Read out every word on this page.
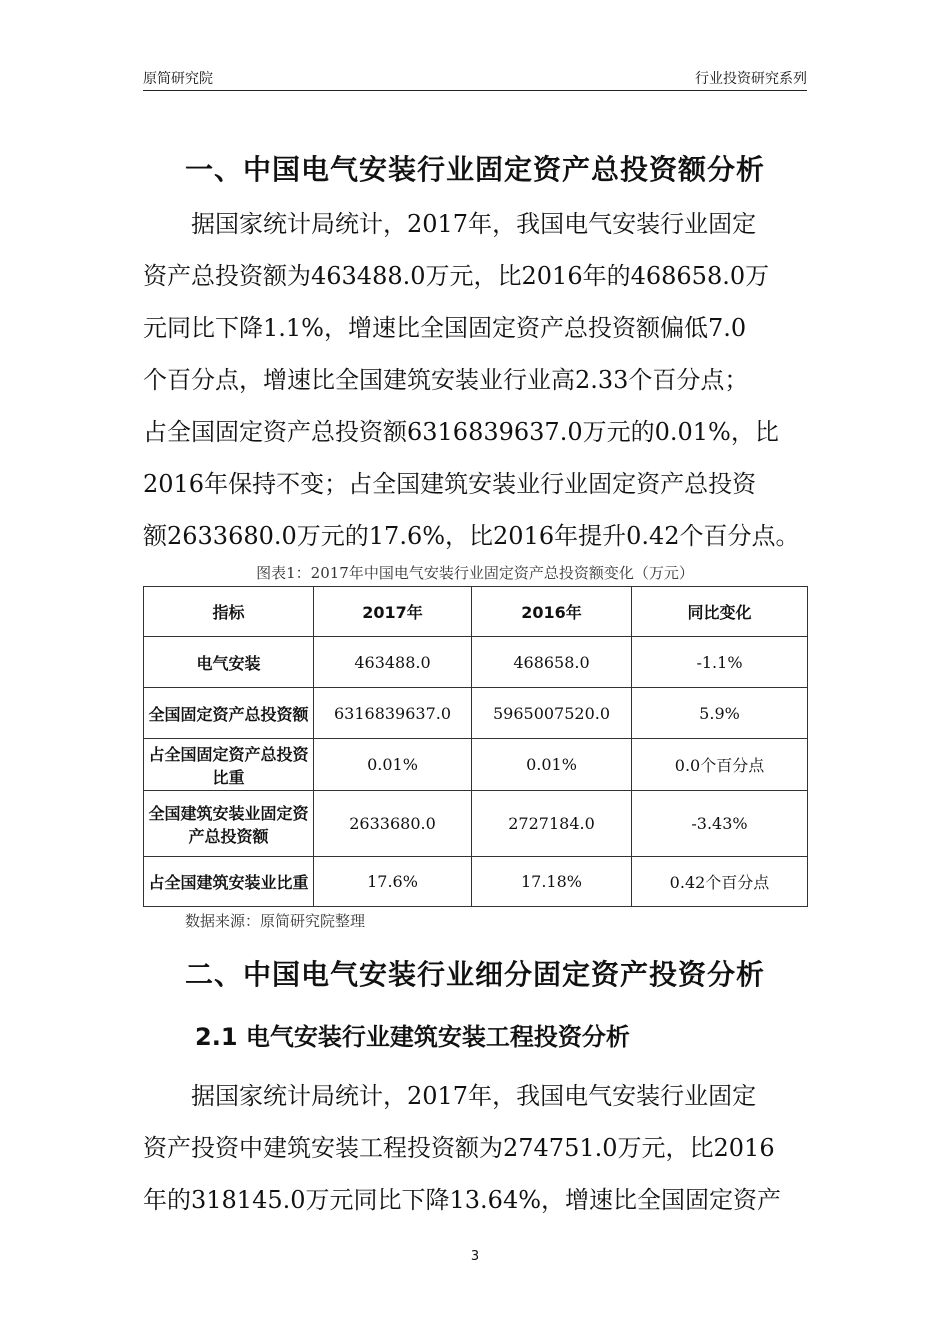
原简研究院	行业投资研究系列
一、中国电气安装行业固定资产总投资额分析
　　据国家统计局统计，2017年，我国电气安装行业固定
资产总投资额为463488.0万元，比2016年的468658.0万
元同比下降1.1%，增速比全国固定资产总投资额偏低7.0
个百分点，增速比全国建筑安装业行业高2.33个百分点；
占全国固定资产总投资额6316839637.0万元的0.01%，比
2016年保持不变；占全国建筑安装业行业固定资产总投资
额2633680.0万元的17.6%，比2016年提升0.42个百分点。
图表1：2017年中国电气安装行业固定资产总投资额变化（万元）
指标	2017年	2016年	同比变化
电气安装	463488.0	468658.0	-1.1%
全国固定资产总投资额	6316839637.0	5965007520.0	5.9%
占全国固定资产总投资比重	0.01%	0.01%	0.0个百分点
全国建筑安装业固定资产总投资额	2633680.0	2727184.0	-3.43%
占全国建筑安装业比重	17.6%	17.18%	0.42个百分点
数据来源：原简研究院整理
二、中国电气安装行业细分固定资产投资分析
2.1 电气安装行业建筑安装工程投资分析
　　据国家统计局统计，2017年，我国电气安装行业固定
资产投资中建筑安装工程投资额为274751.0万元，比2016
年的318145.0万元同比下降13.64%，增速比全国固定资产
3
